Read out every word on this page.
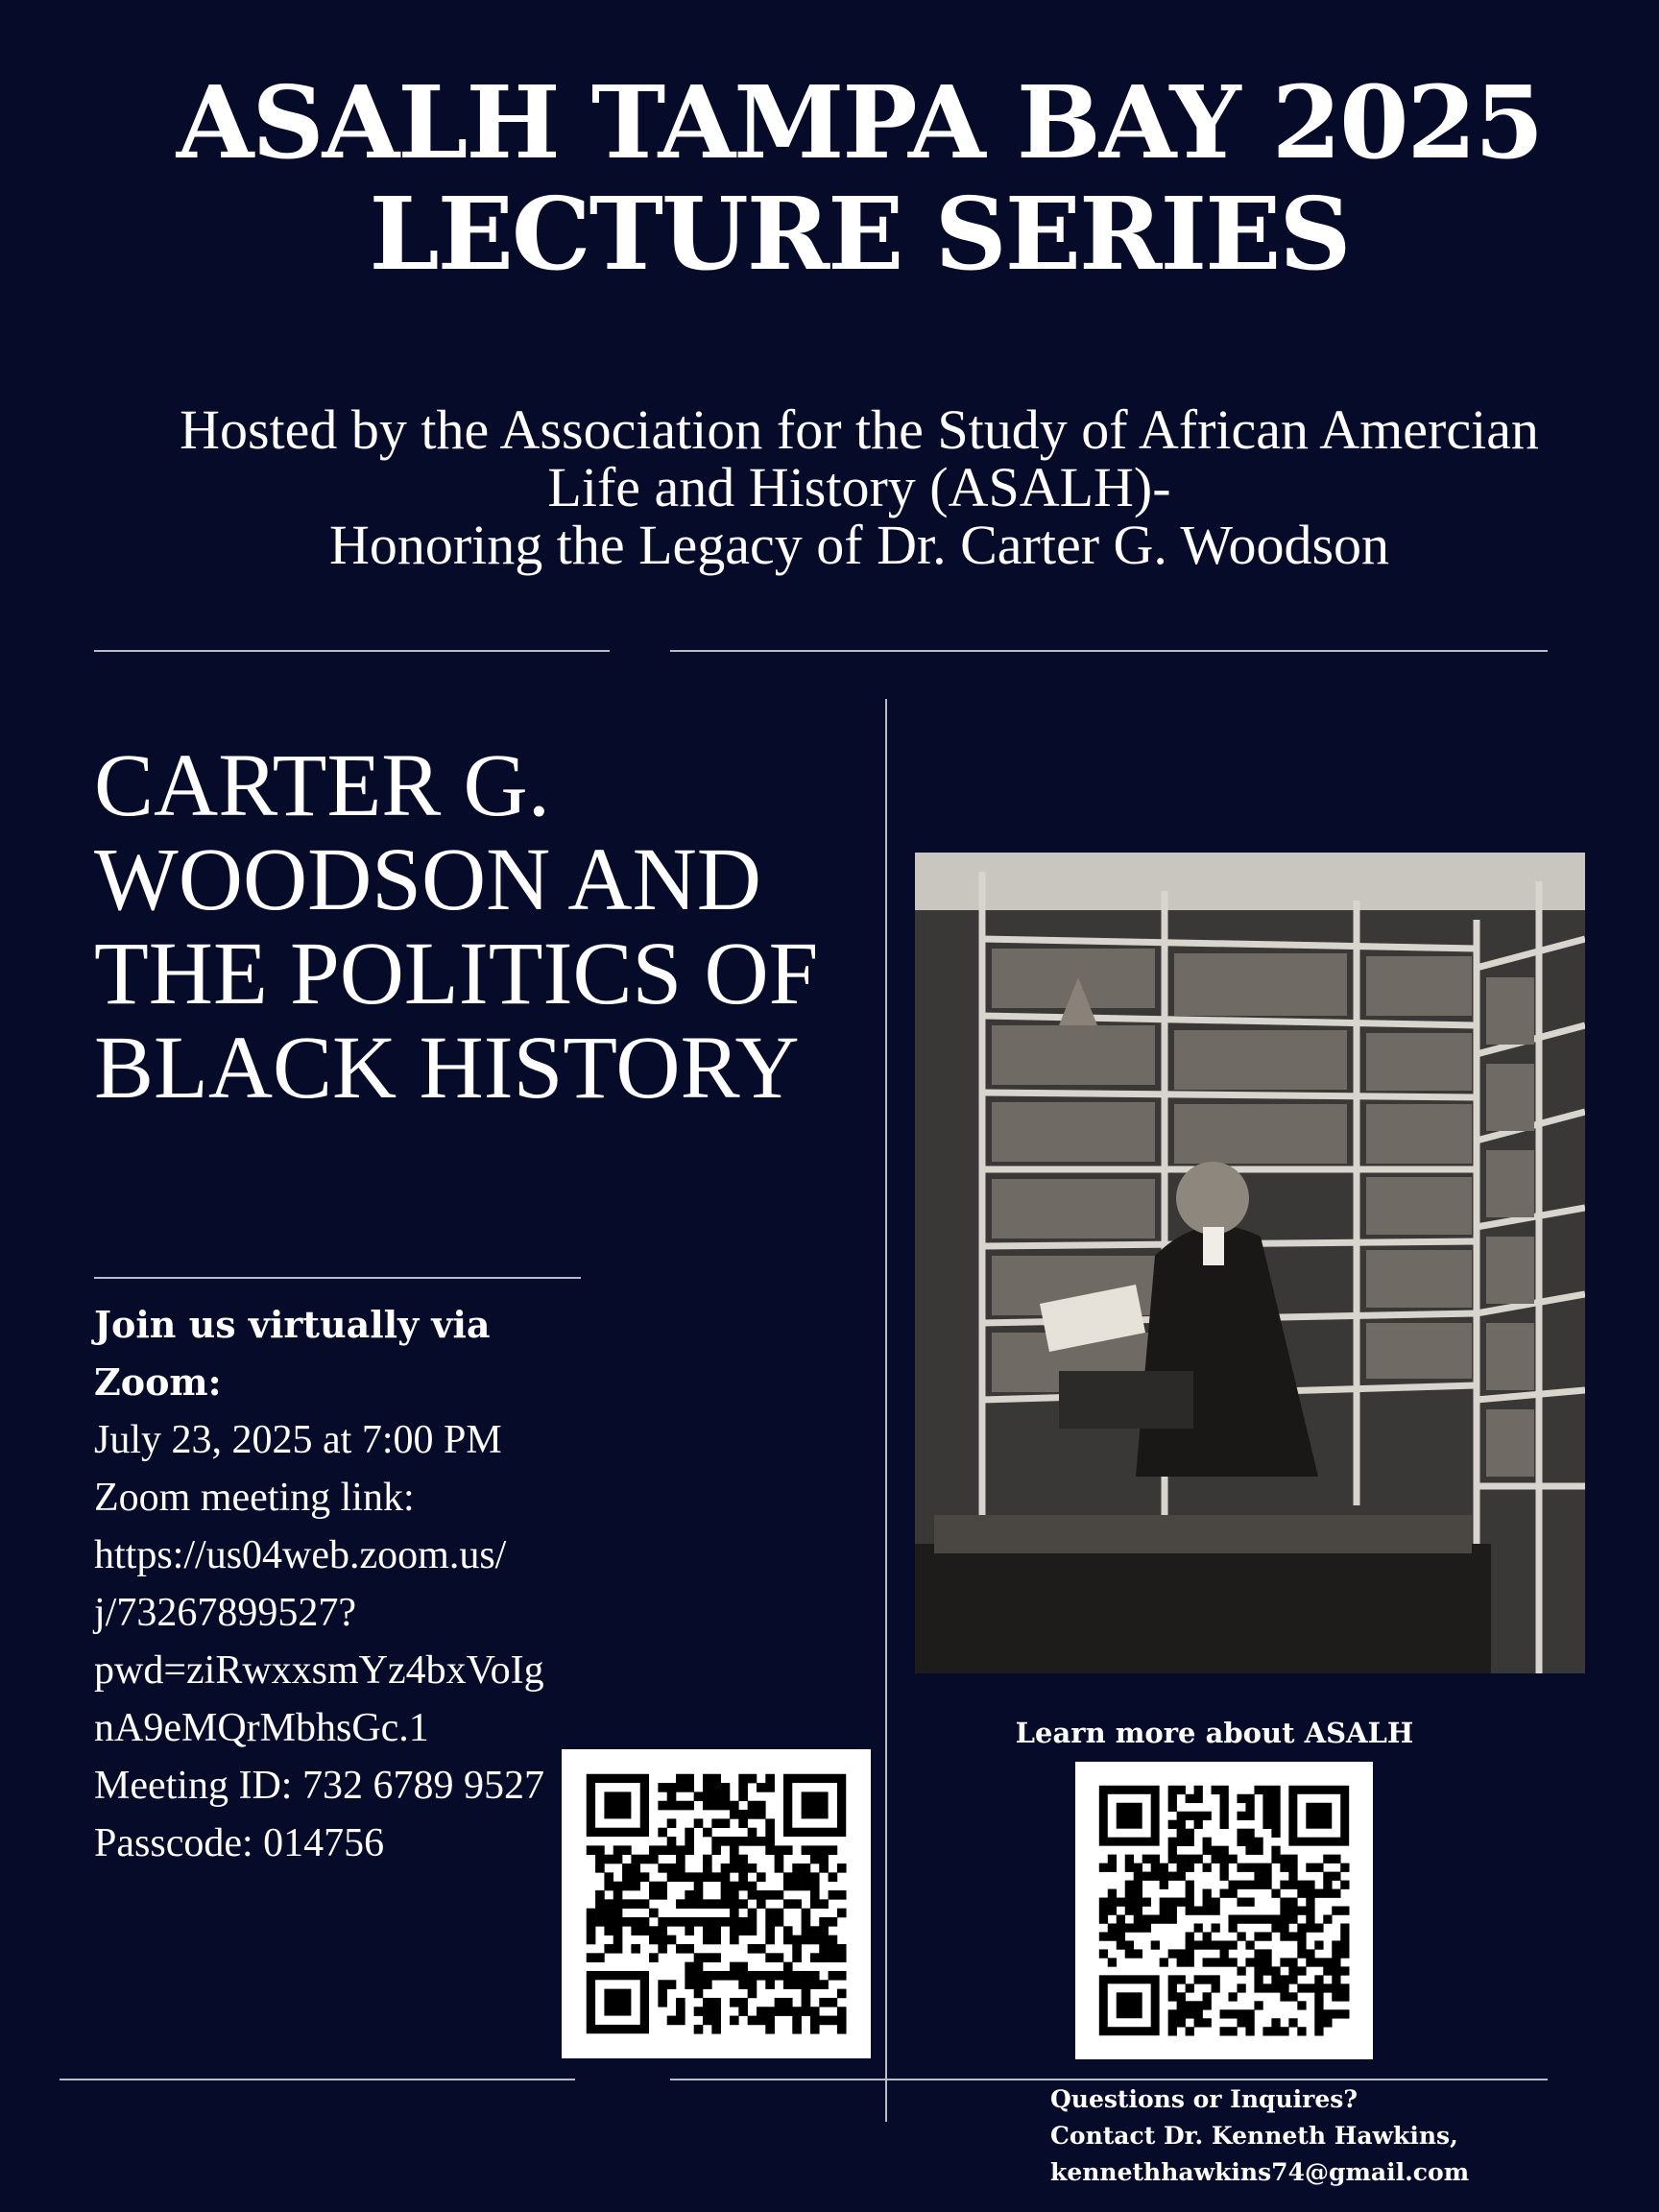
ASALH TAMPA BAY 2025
LECTURE SERIES
Hosted by the Association for the Study of African Amercian
Life and History (ASALH)-
Honoring the Legacy of Dr. Carter G. Woodson
CARTER G.
WOODSON AND
THE POLITICS OF
BLACK HISTORY
Join us virtually via
Zoom:
July 23, 2025 at 7:00 PM
Zoom meeting link:
https://us04web.zoom.us/
j/73267899527?
pwd=ziRwxxsmYz4bxVoIg
nA9eMQrMbhsGc.1
Meeting ID: 732 6789 9527
Passcode: 014756
Learn more about ASALH
Questions or Inquires?
Contact Dr. Kenneth Hawkins,
kennethhawkins74@gmail.com
